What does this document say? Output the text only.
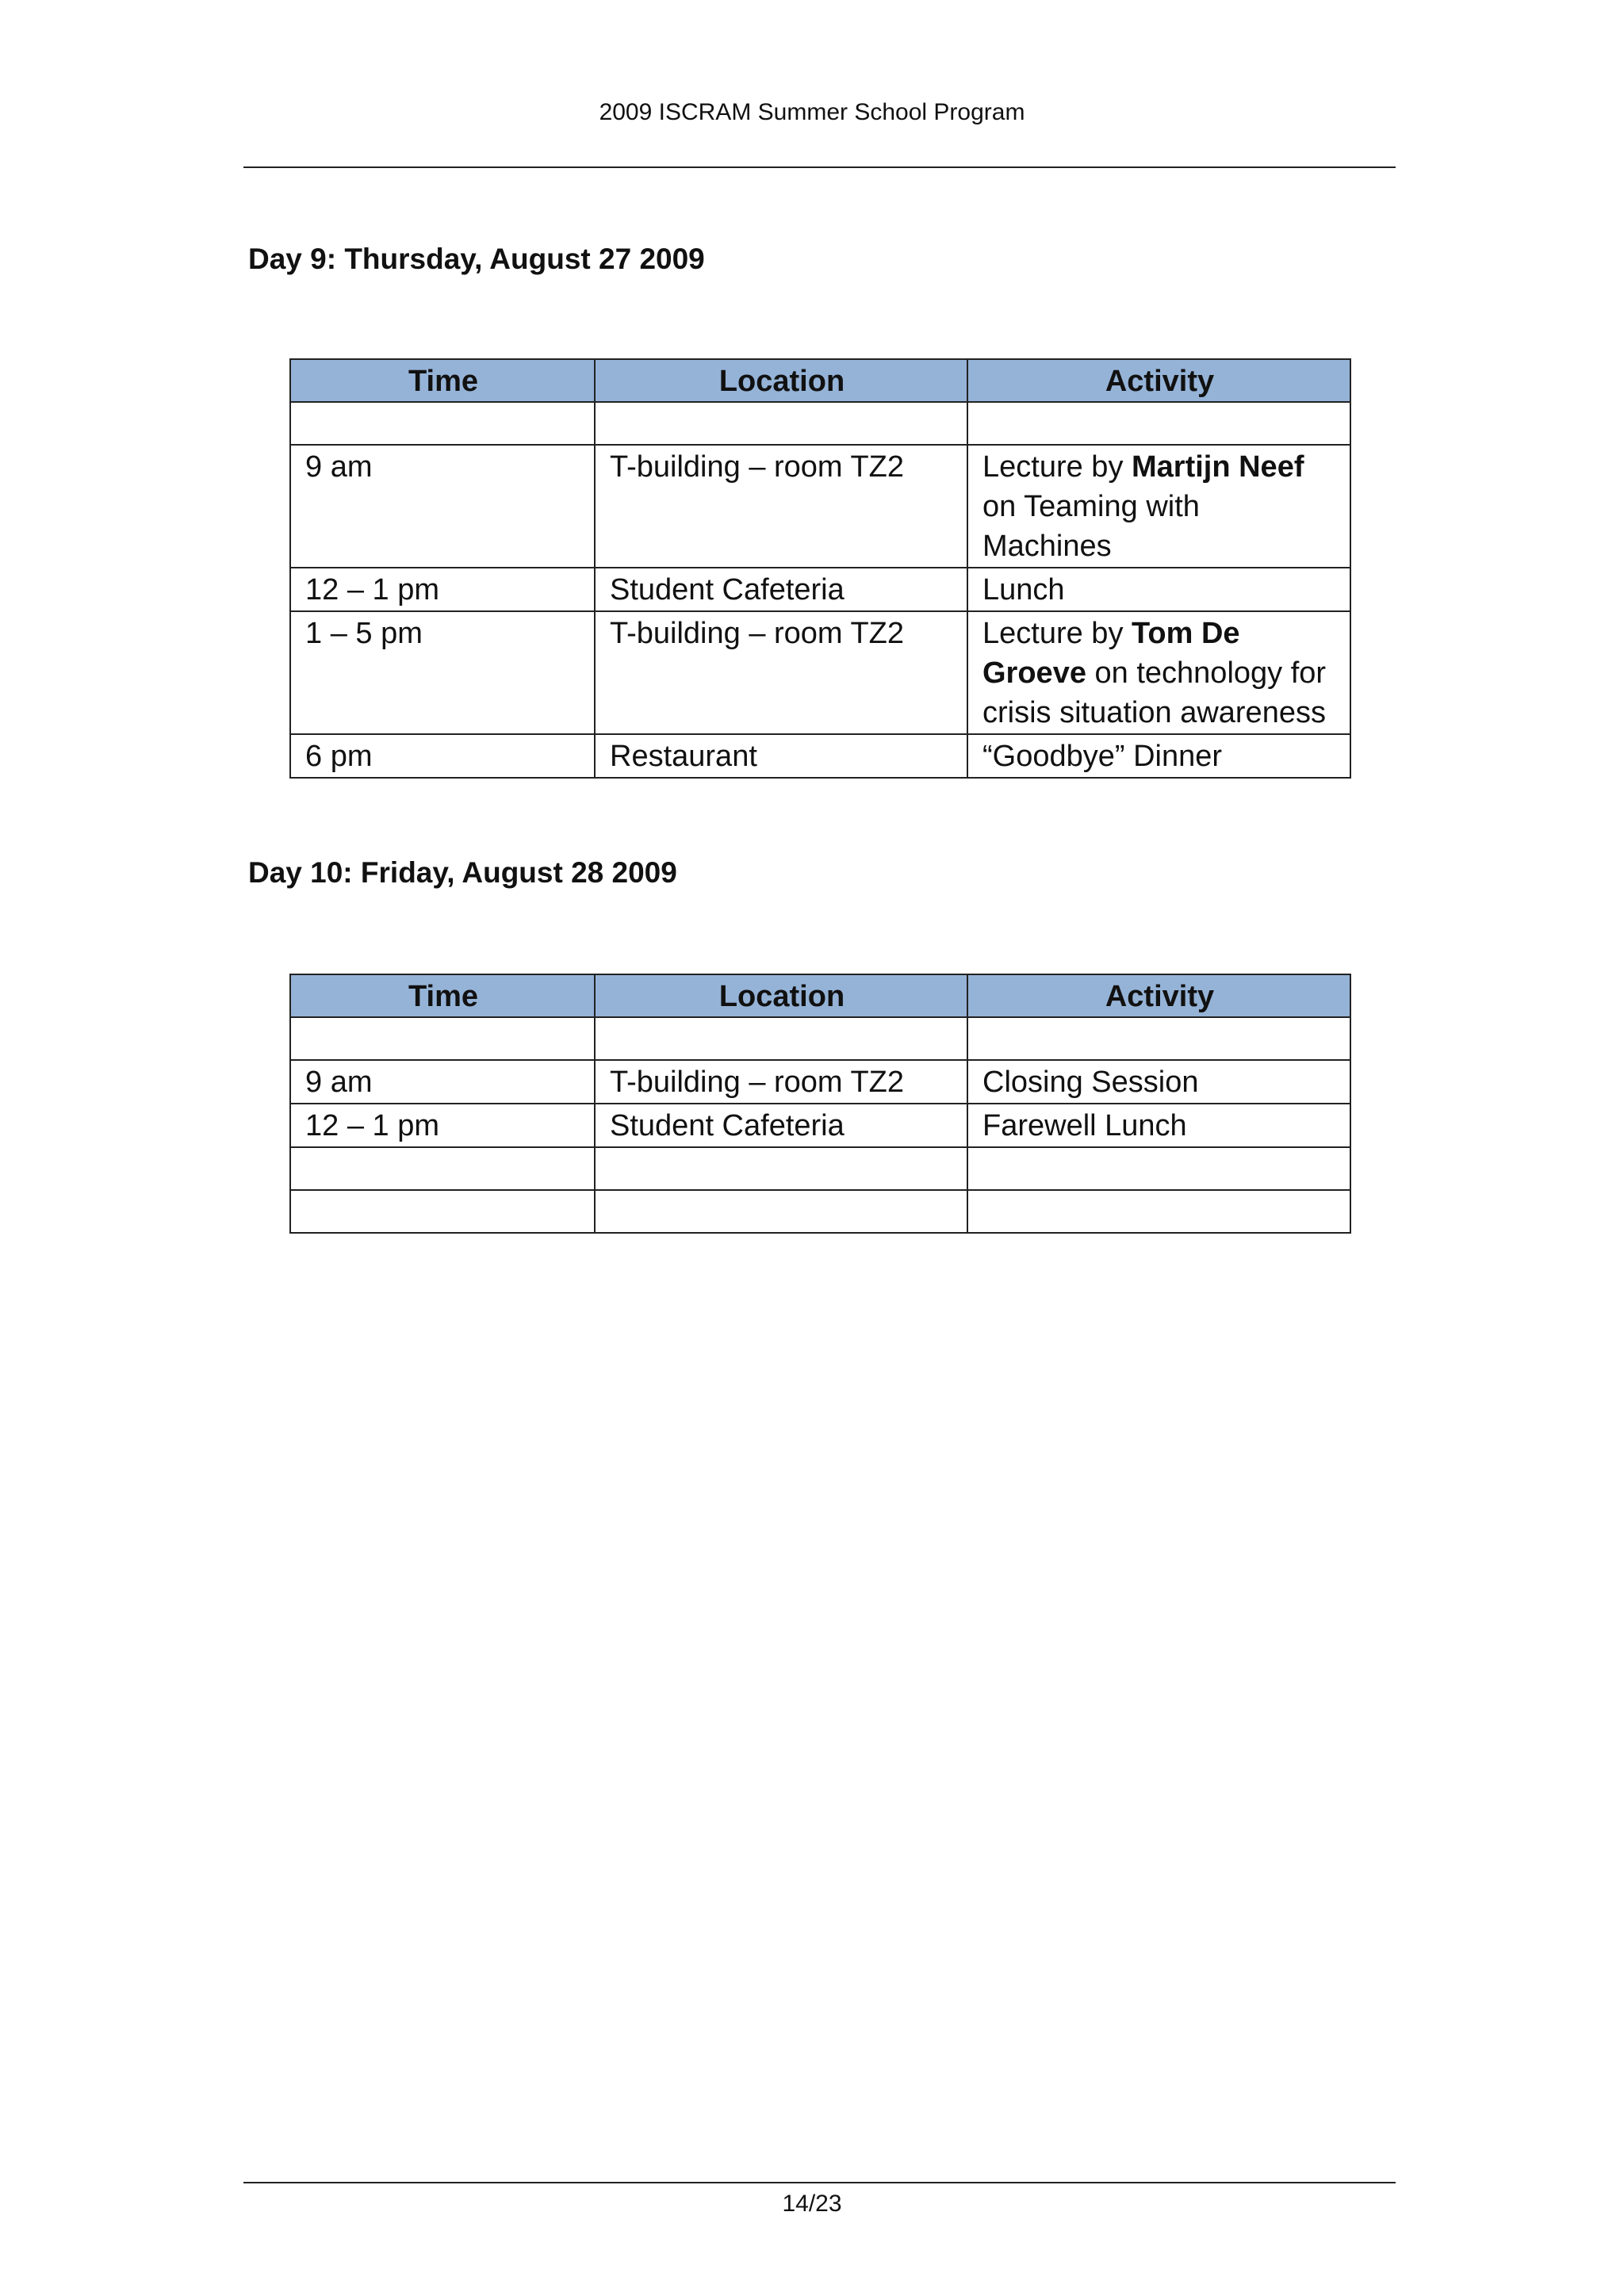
2009 ISCRAM Summer School Program
Day 9: Thursday, August 27 2009
Time	Location	Activity

9 am	T-building – room TZ2	Lecture by Martijn Neef on Teaming with Machines
12 – 1 pm	Student Cafeteria	Lunch
1 – 5 pm	T-building – room TZ2	Lecture by Tom De Groeve on technology for crisis situation awareness
6 pm	Restaurant	“Goodbye” Dinner
Day 10: Friday, August 28 2009
Time	Location	Activity

9 am	T-building – room TZ2	Closing Session
12 – 1 pm	Student Cafeteria	Farewell Lunch

14/23
